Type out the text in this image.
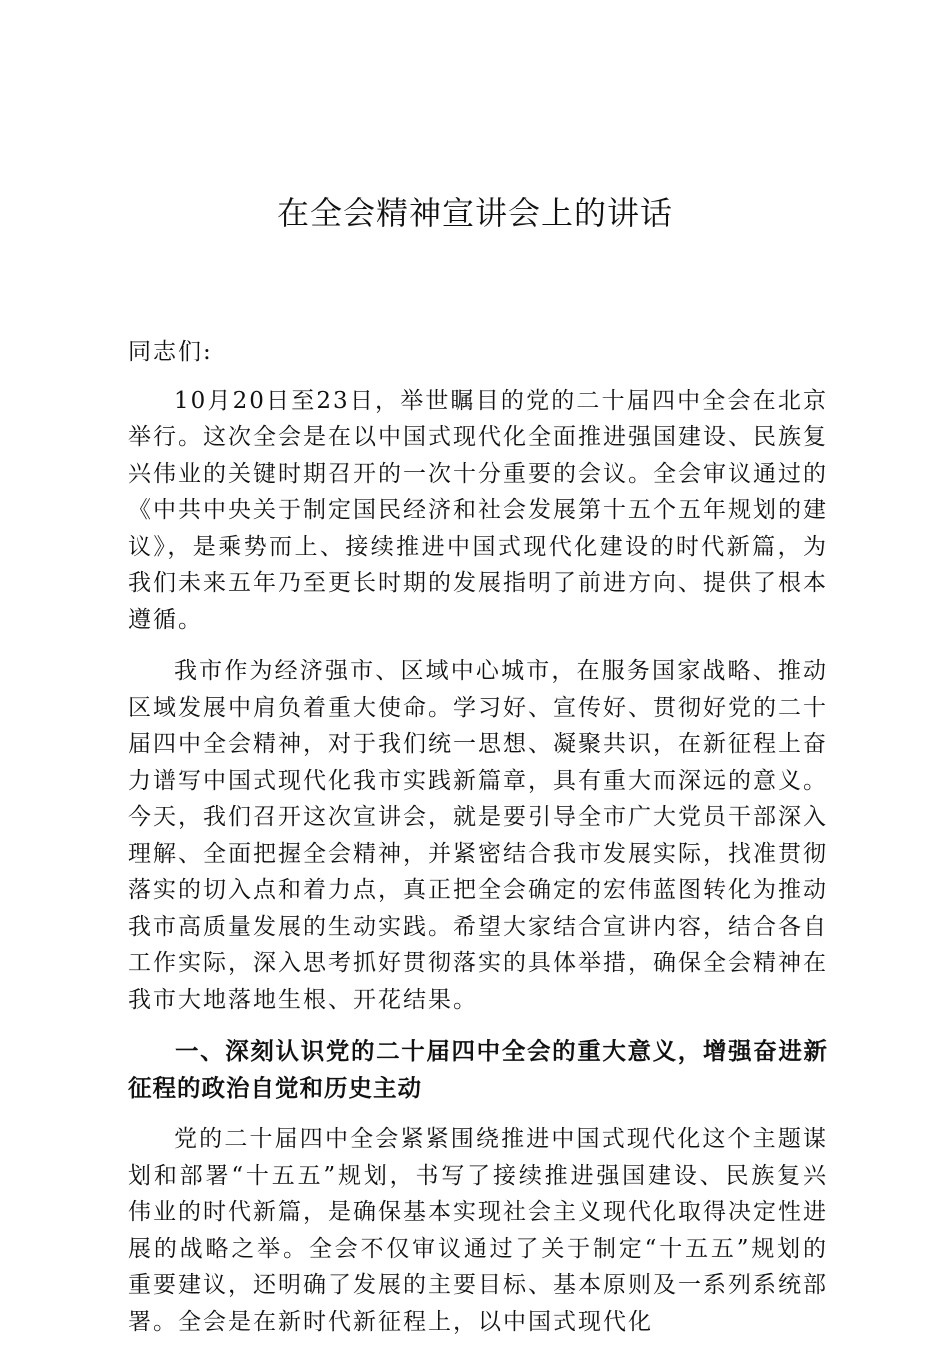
在全会精神宣讲会上的讲话

同志们:

10月20日至23日，举世瞩目的党的二十届四中全会在北京举行。这次全会是在以中国式现代化全面推进强国建设、民族复兴伟业的关键时期召开的一次十分重要的会议。全会审议通过的《中共中央关于制定国民经济和社会发展第十五个五年规划的建议》，是乘势而上、接续推进中国式现代化建设的时代新篇，为我们未来五年乃至更长时期的发展指明了前进方向、提供了根本遵循。

我市作为经济强市、区域中心城市，在服务国家战略、推动区域发展中肩负着重大使命。学习好、宣传好、贯彻好党的二十届四中全会精神，对于我们统一思想、凝聚共识，在新征程上奋力谱写中国式现代化我市实践新篇章，具有重大而深远的意义。今天，我们召开这次宣讲会，就是要引导全市广大党员干部深入理解、全面把握全会精神，并紧密结合我市发展实际，找准贯彻落实的切入点和着力点，真正把全会确定的宏伟蓝图转化为推动我市高质量发展的生动实践。希望大家结合宣讲内容，结合各自工作实际，深入思考抓好贯彻落实的具体举措，确保全会精神在我市大地落地生根、开花结果。

一、深刻认识党的二十届四中全会的重大意义，增强奋进新征程的政治自觉和历史主动

党的二十届四中全会紧紧围绕推进中国式现代化这个主题谋划和部署“十五五”规划，书写了接续推进强国建设、民族复兴伟业的时代新篇，是确保基本实现社会主义现代化取得决定性进展的战略之举。全会不仅审议通过了关于制定“十五五”规划的重要建议，还明确了发展的主要目标、基本原则及一系列系统部署。全会是在新时代新征程上，以中国式现代化
